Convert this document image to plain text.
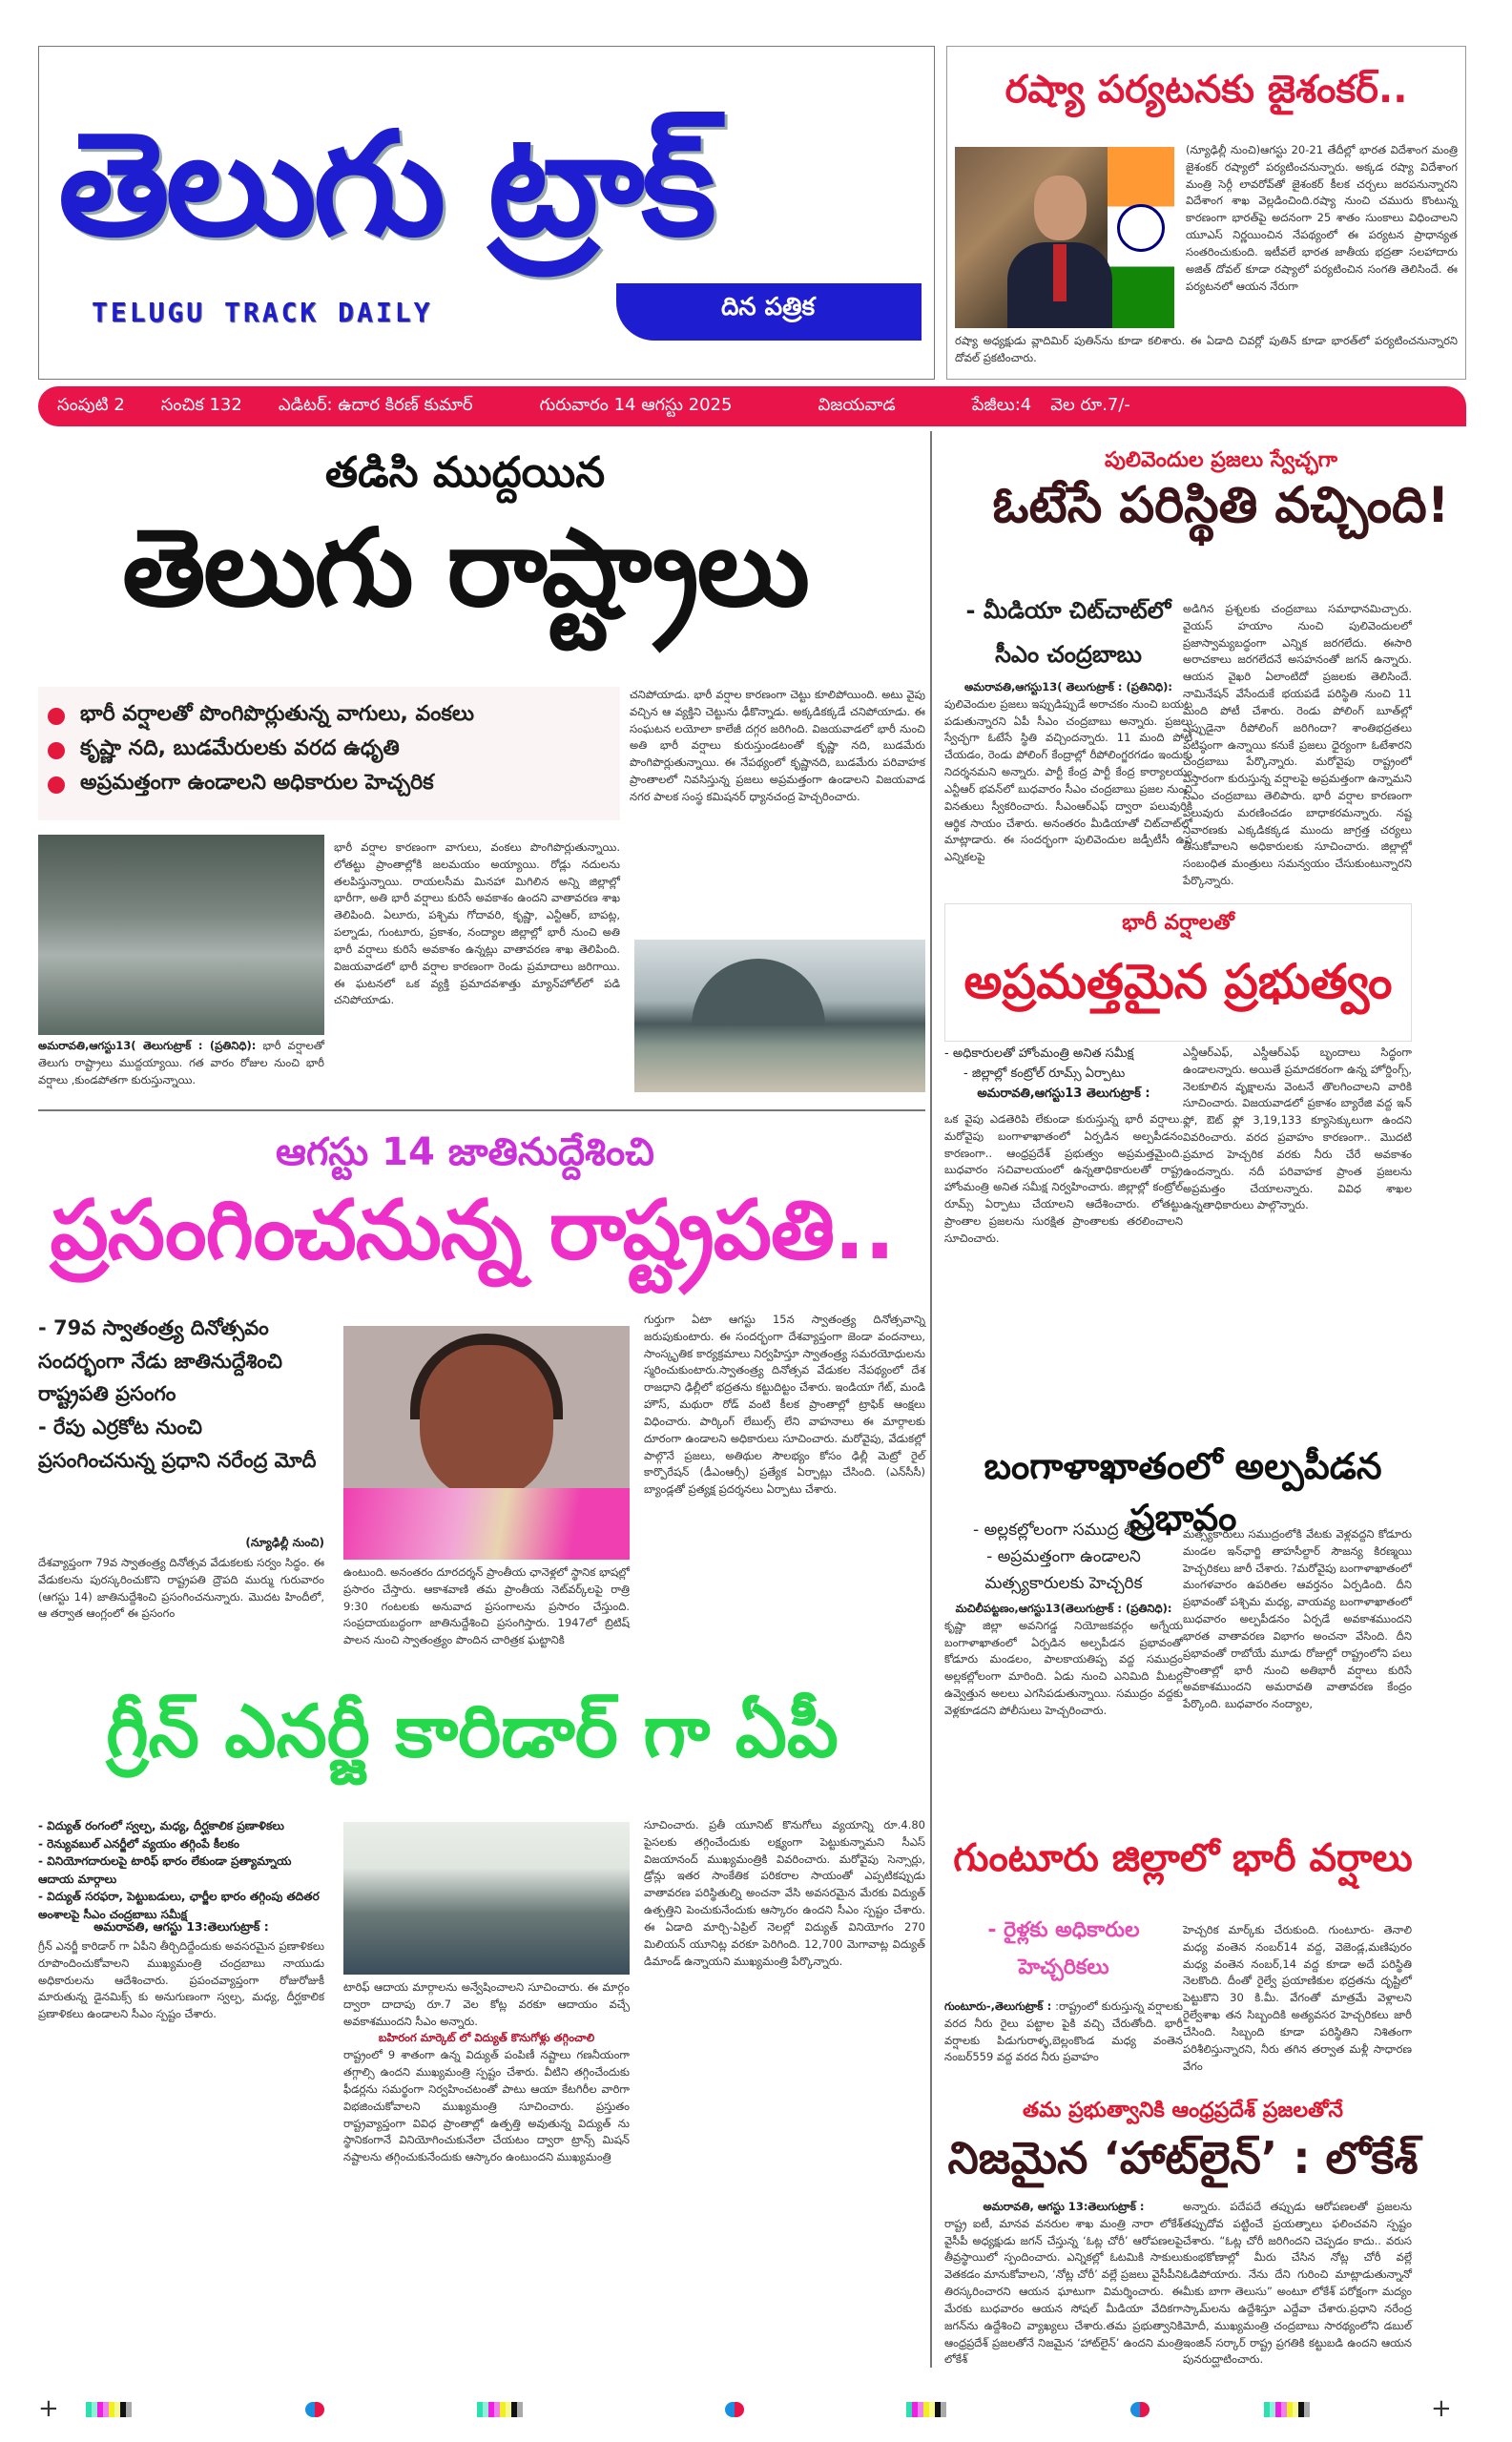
తెలుగు ట్రాక్
TELUGU TRACK DAILY	దిన పత్రిక
రష్యా పర్యటనకు జైశంకర్..
(న్యూఢిల్లీ నుంచి)ఆగస్టు 20-21 తేదీల్లో భారత విదేశాంగ మంత్రి జైశంకర్ రష్యాలో పర్యటించనున్నారు. అక్కడ రష్యా విదేశాంగ మంత్రి సెర్గీ లావరోవ్‌తో జైశంకర్ కీలక చర్చలు జరపనున్నారని విదేశాంగ శాఖ వెల్లడించింది.రష్యా నుంచి చమురు కొంటున్న కారణంగా భారత్‌పై అదనంగా 25 శాతం సుంకాలు విధించాలని యూఎస్ నిర్ణయించిన నేపథ్యంలో ఈ పర్యటన ప్రాధాన్యత సంతరించుకుంది. ఇటీవలే భారత జాతీయ భద్రతా సలహాదారు అజిత్ దోవల్ కూడా రష్యాలో పర్యటించిన సంగతి తెలిసిందే. ఈ పర్యటనలో ఆయన నేరుగా
రష్యా అధ్యక్షుడు వ్లాదిమిర్ పుతిన్‌ను కూడా కలిశారు. ఈ ఏడాది చివర్లో పుతిన్ కూడా భారత్‌లో పర్యటించనున్నారని దోవల్ ప్రకటించారు.
సంపుటి 2 సంచిక 132 ఎడిటర్: ఉదార కిరణ్ కుమార్	గురువారం 14 ఆగస్టు 2025	విజయవాడ	పేజీలు:4 వెల రూ.7/-
తడిసి ముద్దయిన
తెలుగు రాష్ట్రాలు
భారీ వర్షాలతో పొంగిపొర్లుతున్న వాగులు, వంకలు
కృష్ణా నది, బుడమేరులకు వరద ఉధృతి
అప్రమత్తంగా ఉండాలని అధికారుల హెచ్చరిక
అమరావతి,ఆగస్టు13( తెలుగుట్రాక్ : (ప్రతినిధి): భారీ వర్షాలతో తెలుగు రాష్ట్రాలు ముద్దయ్యాయి. గత వారం రోజుల నుంచి భారీ వర్షాలు ,కుండపోతగా కురుస్తున్నాయి.
భారీ వర్షాల కారణంగా వాగులు, వంకలు పొంగిపొర్లుతున్నాయి. లోతట్టు ప్రాంతాల్లోకి జలమయం అయ్యాయి. రోడ్లు నదులను తలపిస్తున్నాయి. రాయలసీమ మినహా మిగిలిన అన్ని జిల్లాల్లో భారీగా, అతి భారీ వర్షాలు కురిసే అవకాశం ఉందని వాతావరణ శాఖ తెలిపింది. ఏలూరు, పశ్చిమ గోదావరి, కృష్ణా, ఎన్టీఆర్, బాపట్ల, పల్నాడు, గుంటూరు, ప్రకాశం, నంద్యాల జిల్లాల్లో భారీ నుంచి అతి భారీ వర్షాలు కురిసే అవకాశం ఉన్నట్లు వాతావరణ శాఖ తెలిపింది. విజయవాడలో భారీ వర్షాల కారణంగా రెండు ప్రమాదాలు జరిగాయి. ఈ ఘటనలో ఒక వ్యక్తి ప్రమాదవశాత్తు మ్యాన్‌హోల్‌లో పడి చనిపోయాడు.
చనిపోయాడు. భారీ వర్షాల కారణంగా చెట్టు కూలిపోయింది. అటు వైపు వచ్చిన ఆ వ్యక్తిని చెట్టును ఢీకొన్నాడు. అక్కడికక్కడే చనిపోయాడు. ఈ సంఘటన లయోలా కాలేజీ దగ్గర జరిగింది. విజయవాడలో భారీ నుంచి అతి భారీ వర్షాలు కురుస్తుండటంతో కృష్ణా నది, బుడమేరు పొంగిపొర్లుతున్నాయి. ఈ నేపథ్యంలో కృష్ణానది, బుడమేరు పరివాహక ప్రాంతాలలో నివసిస్తున్న ప్రజలు అప్రమత్తంగా ఉండాలని విజయవాడ నగర పాలక సంస్థ కమిషనర్ ధ్యానచంద్ర హెచ్చరించారు.
ఆగస్టు 14 జాతినుద్దేశించి
ప్రసంగించనున్న రాష్ట్రపతి..
- 79వ స్వాతంత్ర్య దినోత్సవం సందర్భంగా నేడు జాతినుద్దేశించి రాష్ట్రపతి ప్రసంగం
- రేపు ఎర్రకోట నుంచి ప్రసంగించనున్న ప్రధాని నరేంద్ర మోదీ
(న్యూఢిల్లీ నుంచి)
దేశవ్యాప్తంగా 79వ స్వాతంత్ర్య దినోత్సవ వేడుకలకు సర్వం సిద్ధం. ఈ వేడుకలను పురస్కరించుకొని రాష్ట్రపతి ద్రౌపది ముర్ము గురువారం (ఆగస్టు 14) జాతినుద్దేశించి ప్రసంగించనున్నారు. మొదట హిందీలో, ఆ తర్వాత ఆంగ్లంలో ఈ ప్రసంగం
ఉంటుంది. అనంతరం దూరదర్శన్ ప్రాంతీయ ఛానెళ్లలో స్థానిక భాషల్లో ప్రసారం చేస్తారు. ఆకాశవాణి తమ ప్రాంతీయ నెట్‌వర్క్‌లపై రాత్రి 9:30 గంటలకు అనువాద ప్రసంగాలను ప్రసారం చేస్తుంది. సంప్రదాయబద్ధంగా జాతినుద్దేశించి ప్రసంగిస్తారు. 1947లో బ్రిటిష్ పాలన నుంచి స్వాతంత్ర్యం పొందిన చారిత్రక ఘట్టానికి
గుర్తుగా ఏటా ఆగస్టు 15న స్వాతంత్ర్య దినోత్సవాన్ని జరుపుకుంటారు. ఈ సందర్భంగా దేశవ్యాప్తంగా జెండా వందనాలు, సాంస్కృతిక కార్యక్రమాలు నిర్వహిస్తూ స్వాతంత్ర్య సమరయోధులను స్మరించుకుంటారు.స్వాతంత్ర్య దినోత్సవ వేడుకల నేపథ్యంలో దేశ రాజధాని ఢిల్లీలో భద్రతను కట్టుదిట్టం చేశారు. ఇండియా గేట్, మండి హౌస్, మథురా రోడ్ వంటి కీలక ప్రాంతాల్లో ట్రాఫిక్ ఆంక్షలు విధించారు. పార్కింగ్ లేబుల్స్ లేని వాహనాలు ఈ మార్గాలకు దూరంగా ఉండాలని అధికారులు సూచించారు. మరోవైపు, వేడుకల్లో పాల్గొనే ప్రజలు, అతిథుల సౌలభ్యం కోసం ఢిల్లీ మెట్రో రైల్ కార్పొరేషన్ (డీఎంఆర్సీ) ప్రత్యేక ఏర్పాట్లు చేసింది. (ఎన్‌సీసీ) బ్యాండ్లతో ప్రత్యక్ష ప్రదర్శనలు ఏర్పాటు చేశారు.
గ్రీన్ ఎనర్జీ కారిడార్ గా ఏపీ
- విద్యుత్ రంగంలో స్వల్ప, మధ్య, దీర్ఘకాలిక ప్రణాళికలు
- రెన్యువబుల్ ఎనర్జీలో వ్యయం తగ్గింపే కీలకం
- వినియోగదారులపై టారిఫ్ భారం లేకుండా ప్రత్యామ్నాయ ఆదాయ మార్గాలు
- విద్యుత్ సరఫరా, పెట్టుబడులు, ఛార్జీల భారం తగ్గింపు తదితర అంశాలపై సీఎం చంద్రబాబు సమీక్ష
అమరావతి, ఆగస్టు 13:తెలుగుట్రాక్ :
గ్రీన్ ఎనర్జీ కారిడార్ గా ఏపీని తీర్చిదిద్దేందుకు అవసరమైన ప్రణాళికలు రూపొందించుకోవాలని ముఖ్యమంత్రి చంద్రబాబు నాయుడు అధికారులను ఆదేశించారు. ప్రపంచవ్యాప్తంగా రోజురోజుకీ మారుతున్న డైనమిక్స్ కు అనుగుణంగా స్వల్ప, మధ్య, దీర్ఘకాలిక ప్రణాళికలు ఉండాలని సీఎం స్పష్టం చేశారు.
టారిఫ్ ఆదాయ మార్గాలను అన్వేషించాలని సూచించారు. ఈ మార్గం ద్వారా దాదాపు రూ.7 వెల కోట్ల వరకూ ఆదాయం వచ్చే అవకాశముందని సీఎం అన్నారు.
బహిరంగ మార్కెట్ లో విద్యుత్ కొనుగోళ్లు తగ్గించాలి
రాష్ట్రంలో 9 శాతంగా ఉన్న విద్యుత్ పంపిణీ నష్టాలు గణనీయంగా తగ్గాల్సి ఉందని ముఖ్యమంత్రి స్పష్టం చేశారు. వీటిని తగ్గించేందుకు ఫీడర్లను సమర్థంగా నిర్వహించటంతో పాటు ఆయా కేటగిరీల వారిగా విభజించుకోవాలని ముఖ్యమంత్రి సూచించారు. ప్రస్తుతం రాష్ట్రవ్యాప్తంగా వివిధ ప్రాంతాల్లో ఉత్పత్తి అవుతున్న విద్యుత్ ను స్థానికంగానే వినియోగించుకునేలా చేయటం ద్వారా ట్రాన్స్ మిషన్ నష్టాలను తగ్గించుకునేందుకు ఆస్కారం ఉంటుందని ముఖ్యమంత్రి
సూచించారు. ప్రతీ యూనిట్ కొనుగోలు వ్యయాన్ని రూ.4.80 పైసలకు తగ్గించేందుకు లక్ష్యంగా పెట్టుకున్నామని సీఎస్ విజయానంద్ ముఖ్యమంత్రికి వివరించారు. మరోవైపు సెన్సార్లు, డ్రోన్లు ఇతర సాంకేతిక పరికరాల సాయంతో ఎప్పటికప్పుడు వాతావరణ పరిస్థితుల్ని అంచనా వేసి అవసరమైన మేరకు విద్యుత్ ఉత్పత్తిని పెంచుకునేందుకు ఆస్కారం ఉందని సీఎం స్పష్టం చేశారు. ఈ ఏడాది మార్చి-ఏప్రిల్ నెలల్లో విద్యుత్ వినియోగం 270 మిలియన్ యూనిట్ల వరకూ పెరిగింది. 12,700 మెగావాట్ల విద్యుత్ డిమాండ్ ఉన్నాయని ముఖ్యమంత్రి పేర్కొన్నారు.
పులివెందుల ప్రజలు స్వేచ్ఛగా
ఓటేసే పరిస్థితి వచ్చింది!
- మీడియా చిట్‌చాట్‌లో
సీఎం చంద్రబాబు
అమరావతి,ఆగస్టు13( తెలుగుట్రాక్ : (ప్రతినిధి):
పులివెందుల ప్రజలు ఇప్పుడిప్పుడే అరాచకం నుంచి బయట పడుతున్నారని ఏపీ సీఎం చంద్రబాబు అన్నారు. ప్రజలు స్వేచ్ఛగా ఓటేసే స్థితి వచ్చిందన్నారు. 11 మంది పోటీ చేయడం, రెండు పోలింగ్ కేంద్రాల్లో రీపోలింగ్జరగడం ఇందుకు నిదర్శనమని అన్నారు. పార్టీ కేంద్ర పార్టీ కేంద్ర కార్యాలయం ఎన్టీఆర్ భవన్‌లో బుధవారం సీఎం చంద్రబాబు ప్రజల నుంచి వినతులు స్వీకరించారు. సీఎంఆర్ఎఫ్ ద్వారా పలువురికి ఆర్థిక సాయం చేశారు. అనంతరం మీడియాతో చిట్‌చాట్‌లో మాట్లాడారు. ఈ సందర్భంగా పులివెందుల జడ్పీటీసీ ఉప ఎన్నికలపై
అడిగిన ప్రశ్నలకు చంద్రబాబు సమాధానమిచ్చారు. వైయస్ హయాం నుంచి పులివెందులలో ప్రజాస్వామ్యబద్ధంగా ఎన్నిక జరగలేదు. ఈసారి అరాచకాలు జరగలేదనే అసహనంతో జగన్ ఉన్నారు. ఆయన వైఖరి ఏలాంటిదో ప్రజలకు తెలిసిందే. నామినేషన్ వేసేందుకే భయపడే పరిస్థితి నుంచి 11 మంది పోటీ చేశారు. రెండు పోలింగ్ బూత్‌ల్లో ఎప్పుడైనా రీపోలింగ్ జరిగిందా? శాంతిభద్రతలు పటిష్ఠంగా ఉన్నాయి కనుకే ప్రజలు ధైర్యంగా ఓటేశారని చంద్రబాబు పేర్కొన్నారు. మరోవైపు రాష్ట్రంలో విస్తారంగా కురుస్తున్న వర్షాలపై అప్రమత్తంగా ఉన్నామని సీఎం చంద్రబాబు తెలిపారు. భారీ వర్షాల కారణంగా పలువురు మరణించడం బాధాకరమన్నారు. నష్ట నివారణకు ఎక్కడికక్కడ ముందు జాగ్రత్త చర్యలు తీసుకోవాలని అధికారులకు సూచించారు. జిల్లాల్లో సంబంధిత మంత్రులు సమన్వయం చేసుకుంటున్నారని పేర్కొన్నారు.
భారీ వర్షాలతో
అప్రమత్తమైన ప్రభుత్వం
- అధికారులతో హోంమంత్రి అనిత సమీక్ష
- జిల్లాల్లో కంట్రోల్ రూమ్స్ ఏర్పాటు
అమరావతి,ఆగస్టు13 తెలుగుట్రాక్ :
ఒక వైపు ఎడతెరిపి లేకుండా కురుస్తున్న భారీ వర్షాలు. మరోవైపు బంగాళాఖాతంలో ఏర్పడిన అల్పపీడనం కారణంగా.. ఆంధ్రప్రదేశ్ ప్రభుత్వం అప్రమత్తమైంది. బుధవారం సచివాలయంలో ఉన్నతాధికారులతో రాష్ట్ర హోంమంత్రి అనిత సమీక్ష నిర్వహించారు. జిల్లాల్లో కంట్రోల్ రూమ్స్ ఏర్పాటు చేయాలని ఆదేశించారు. లోతట్టు ప్రాంతాల ప్రజలను సురక్షిత ప్రాంతాలకు తరలించాలని సూచించారు.
ఎన్డీఆర్ఎఫ్, ఎస్డీఆర్ఎఫ్ బృందాలు సిద్ధంగా ఉండాలన్నారు. అయితే ప్రమాదకరంగా ఉన్న హోర్డింగ్స్, నెలకూలిన వృక్షాలను వెంటనే తొలగించాలని వారికి సూచించారు. విజయవాడలో ప్రకాశం బ్యారేజి వద్ద ఇన్ ఫ్లో, ఔట్ ఫ్లో 3,19,133 క్యూసెక్కులుగా ఉందని వివరించారు. వరద ప్రవాహం కారణంగా.. మొదటి ప్రమాద హెచ్చరిక వరకు నీరు చేరే అవకాశం ఉందన్నారు. నదీ పరివాహక ప్రాంత ప్రజలను అప్రమత్తం చేయాలన్నారు. వివిధ శాఖల ఉన్నతాధికారులు పాల్గొన్నారు.
బంగాళాఖాతంలో అల్పపీడన ప్రభావం
- అల్లకల్లోలంగా సముద్ర తీరం
- అప్రమత్తంగా ఉండాలని
మత్స్యకారులకు హెచ్చరిక
మచిలీపట్టణం,ఆగస్టు13(తెలుగుట్రాక్ : (ప్రతినిధి):
కృష్ణా జిల్లా అవనిగడ్డ నియోజకవర్గం అగ్నేయ బంగాళాఖాతంలో ఏర్పడిన అల్పపీడన ప్రభావంతో కోడూరు మండలం, పాలకాయతిప్ప వద్ద సముద్రం అల్లకల్లోలంగా మారింది. ఏడు నుంచి ఎనిమిది మీటర్ల ఉవ్వెత్తున అలలు ఎగసిపడుతున్నాయి. సముద్రం వద్దకు వెళ్లకూడదని పోలీసులు హెచ్చరించారు.
మత్స్యకారులు సముద్రంలోకి వేటకు వెళ్లవద్దని కోడూరు మండల ఇన్‌ఛార్జి తాహసీల్దార్ సౌజన్య కిరణ్మయి హెచ్చరికలు జారీ చేశారు. ?మరోవైపు బంగాళాఖాతంలో మంగళవారం ఉపరితల ఆవర్తనం ఏర్పడింది. దీని ప్రభావంతో పశ్చిమ మధ్య, వాయవ్య బంగాళాఖాతంలో బుధవారం అల్పపీడనం ఏర్పడే అవకాశముందని భారత వాతావరణ విభాగం అంచనా వేసింది. దీని ప్రభావంతో రాబోయే మూడు రోజుల్లో రాష్ట్రంలోని పలు ప్రాంతాల్లో భారీ నుంచి అతిభారీ వర్షాలు కురిసే అవకాశముందని అమరావతి వాతావరణ కేంద్రం పేర్కొంది. బుధవారం నంద్యాల,
గుంటూరు జిల్లాలో భారీ వర్షాలు
- రైళ్లకు అధికారుల
హెచ్చరికలు
గుంటూరు-,తెలుగుట్రాక్ : :రాష్ట్రంలో కురుస్తున్న వర్షాలకు వరద నీరు రైలు పట్టాల పైకి వచ్చి చేరుతోంది. భారీ వర్షాలకు పిడుగురాళ్ళ,బెల్లంకొండ మధ్య వంతెన నంబర్559 వద్ద వరద నీరు ప్రవాహం
హెచ్చరిక మార్క్‌కు చేరుకుంది. గుంటూరు- తెనాలి మధ్య వంతెన నంబర్14 వద్ద, వెజెండ్ల,మణిపురం మధ్య వంతెన నంబర్,14 వద్ద కూడా అదే పరిస్థితి నెలకొంది. దీంతో రైల్వే ప్రయాణికుల భద్రతను దృష్టిలో పెట్టుకొని 30 కి.మీ. వేగంతో మాత్రమే వెళ్లాలని రైల్వేశాఖ తన సిబ్బందికి అత్యవసర హెచ్చరికలు జారీ చేసింది. సిబ్బంది కూడా పరిస్థితిని నిశితంగా పరిశీలిస్తున్నారని, నీరు తగిన తర్వాత మళ్లీ సాధారణ వేగం
తమ ప్రభుత్వానికి ఆంధ్రప్రదేశ్ ప్రజలతోనే
నిజమైన ‘హాట్‌లైన్’ : లోకేశ్
అమరావతి, ఆగస్టు 13:తెలుగుట్రాక్ :
రాష్ట్ర ఐటీ, మానవ వనరుల శాఖ మంత్రి నారా లోకేశ్ వైసీపీ అధ్యక్షుడు జగన్ చేస్తున్న ‘ఓట్ల చోరీ’ ఆరోపణలపై తీవ్రస్థాయిలో స్పందించారు. ఎన్నికల్లో ఓటమికి సాకులు వెతకడం మానుకోవాలని, ‘నోట్ల చోరీ’ వల్లే ప్రజలు వైసీపీని తిరస్కరించారని ఆయన ఘాటుగా విమర్శించారు. ఈ మేరకు బుధవారం ఆయన సోషల్ మీడియా వేదికగా జగన్‌ను ఉద్దేశించి వ్యాఖ్యలు చేశారు.తమ ప్రభుత్వానికి ఆంధ్రప్రదేశ్ ప్రజలతోనే నిజమైన ‘హాట్‌లైన్’ ఉందని మంత్రి లోకేశ్
అన్నారు. పదేపదే తప్పుడు ఆరోపణలతో ప్రజలను తప్పుదోవ పట్టించే ప్రయత్నాలు ఫలించవని స్పష్టం చేశారు. “ఓట్ల చోరీ జరిగిందని చెప్పడం కాదు.. వరుస కుంభకోణాల్లో మీరు చేసిన నోట్ల చోరీ వల్లే ఓడిపోయారు. నేను దేని గురించి మాట్లాడుతున్నానో మీకు బాగా తెలుసు” అంటూ లోకేశ్ పరోక్షంగా మద్యం స్కామ్‌లను ఉద్దేశిస్తూ ఎద్దేవా చేశారు.ప్రధాని నరేంద్ర మోదీ, ముఖ్యమంత్రి చంద్రబాబు సారథ్యంలోని డబుల్ ఇంజిన్ సర్కార్ రాష్ట్ర ప్రగతికి కట్టుబడి ఉందని ఆయన పునరుద్ఘాటించారు.
+	+
